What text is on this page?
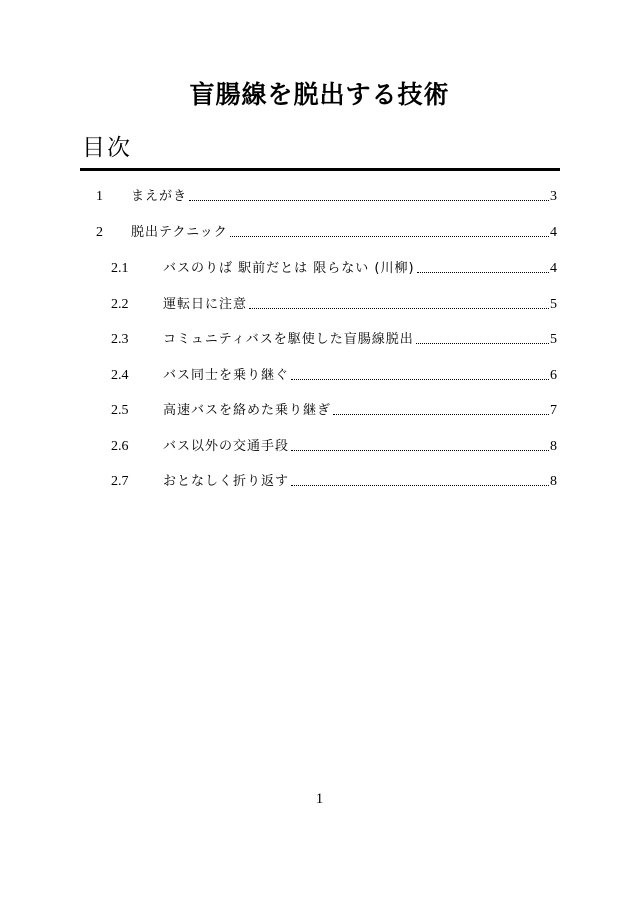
盲腸線を脱出する技術
目次
1 まえがき	3
2 脱出テクニック	4
2.1	バスのりば 駅前だとは 限らない (川柳)	4
2.2	運転日に注意	5
2.3	コミュニティバスを駆使した盲腸線脱出	5
2.4	バス同士を乗り継ぐ	6
2.5	高速バスを絡めた乗り継ぎ	7
2.6	バス以外の交通手段	8
2.7	おとなしく折り返す	8
1
